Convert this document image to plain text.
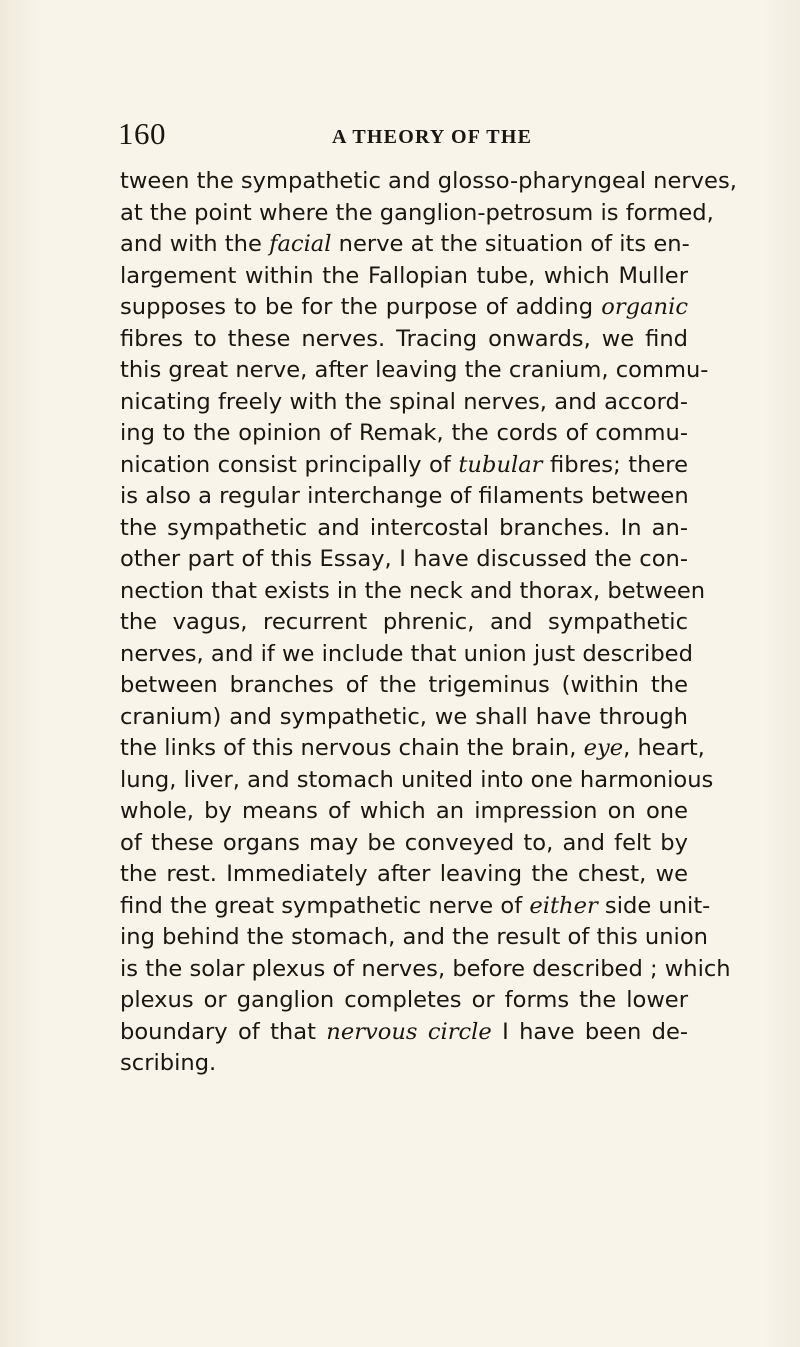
160	A THEORY OF THE
tween the sympathetic and glosso-pharyngeal nerves,
at the point where the ganglion-petrosum is formed,
and with the facial nerve at the situation of its en-
largement within the Fallopian tube, which Muller
supposes to be for the purpose of adding organic
fibres to these nerves. Tracing onwards, we find
this great nerve, after leaving the cranium, commu-
nicating freely with the spinal nerves, and accord-
ing to the opinion of Remak, the cords of commu-
nication consist principally of tubular fibres; there
is also a regular interchange of filaments between
the sympathetic and intercostal branches. In an-
other part of this Essay, I have discussed the con-
nection that exists in the neck and thorax, between
the vagus, recurrent phrenic, and sympathetic
nerves, and if we include that union just described
between branches of the trigeminus (within the
cranium) and sympathetic, we shall have through
the links of this nervous chain the brain, eye, heart,
lung, liver, and stomach united into one harmonious
whole, by means of which an impression on one
of these organs may be conveyed to, and felt by
the rest. Immediately after leaving the chest, we
find the great sympathetic nerve of either side unit-
ing behind the stomach, and the result of this union
is the solar plexus of nerves, before described ; which
plexus or ganglion completes or forms the lower
boundary of that nervous circle I have been de-
scribing.
